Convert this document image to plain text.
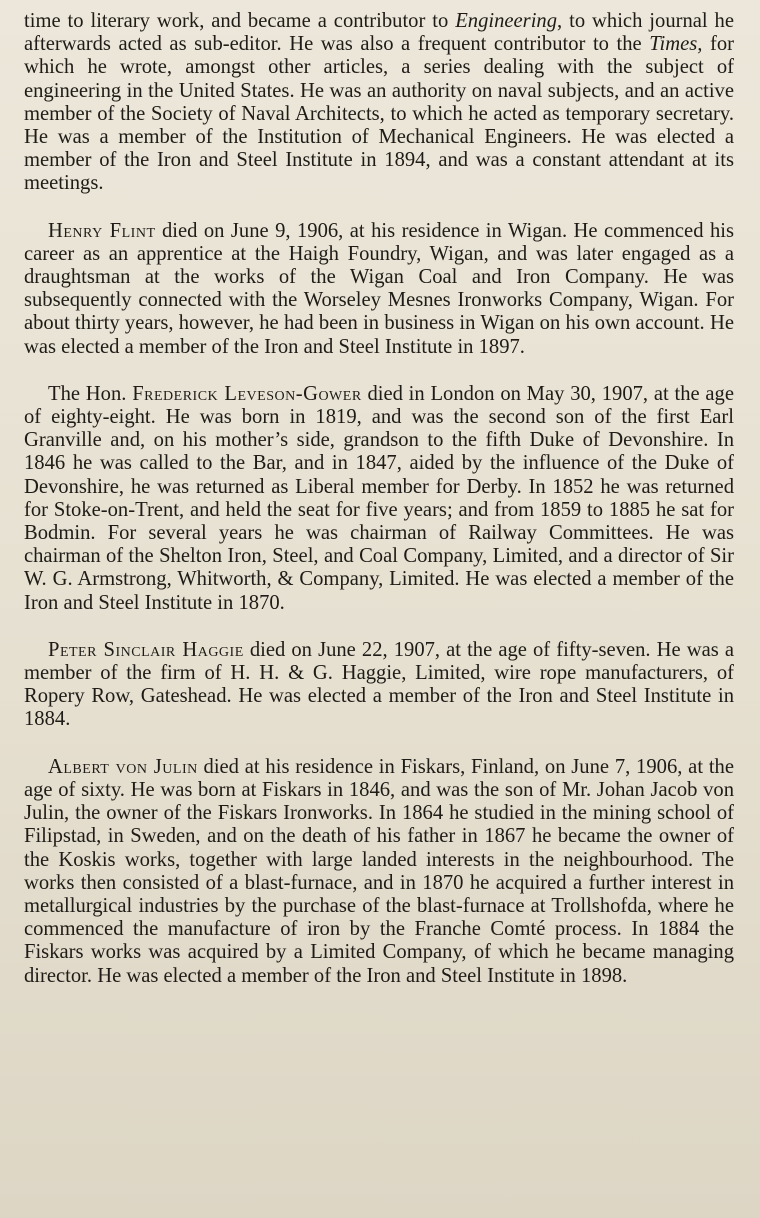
time to literary work, and became a contributor to Engineering, to which journal he afterwards acted as sub-editor. He was also a frequent contributor to the Times, for which he wrote, amongst other articles, a series dealing with the subject of engineering in the United States. He was an authority on naval subjects, and an active member of the Society of Naval Architects, to which he acted as temporary secretary. He was a member of the Institution of Mechanical Engineers. He was elected a member of the Iron and Steel Institute in 1894, and was a constant attendant at its meetings.

Henry Flint died on June 9, 1906, at his residence in Wigan. He commenced his career as an apprentice at the Haigh Foundry, Wigan, and was later engaged as a draughtsman at the works of the Wigan Coal and Iron Company. He was subsequently connected with the Worseley Mesnes Ironworks Company, Wigan. For about thirty years, however, he had been in business in Wigan on his own account. He was elected a member of the Iron and Steel Institute in 1897.

The Hon. Frederick Leveson-Gower died in London on May 30, 1907, at the age of eighty-eight. He was born in 1819, and was the second son of the first Earl Granville and, on his mother’s side, grandson to the fifth Duke of Devonshire. In 1846 he was called to the Bar, and in 1847, aided by the influence of the Duke of Devonshire, he was returned as Liberal member for Derby. In 1852 he was returned for Stoke-on-Trent, and held the seat for five years; and from 1859 to 1885 he sat for Bodmin. For several years he was chairman of Railway Committees. He was chairman of the Shelton Iron, Steel, and Coal Company, Limited, and a director of Sir W. G. Armstrong, Whitworth, & Company, Limited. He was elected a member of the Iron and Steel Institute in 1870.

Peter Sinclair Haggie died on June 22, 1907, at the age of fifty-seven. He was a member of the firm of H. H. & G. Haggie, Limited, wire rope manufacturers, of Ropery Row, Gateshead. He was elected a member of the Iron and Steel Institute in 1884.

Albert von Julin died at his residence in Fiskars, Finland, on June 7, 1906, at the age of sixty. He was born at Fiskars in 1846, and was the son of Mr. Johan Jacob von Julin, the owner of the Fiskars Ironworks. In 1864 he studied in the mining school of Filipstad, in Sweden, and on the death of his father in 1867 he became the owner of the Koskis works, together with large landed interests in the neighbourhood. The works then consisted of a blast-furnace, and in 1870 he acquired a further interest in metallurgical industries by the purchase of the blast-furnace at Trollshofda, where he commenced the manufacture of iron by the Franche Comté process. In 1884 the Fiskars works was acquired by a Limited Company, of which he became managing director. He was elected a member of the Iron and Steel Institute in 1898.
